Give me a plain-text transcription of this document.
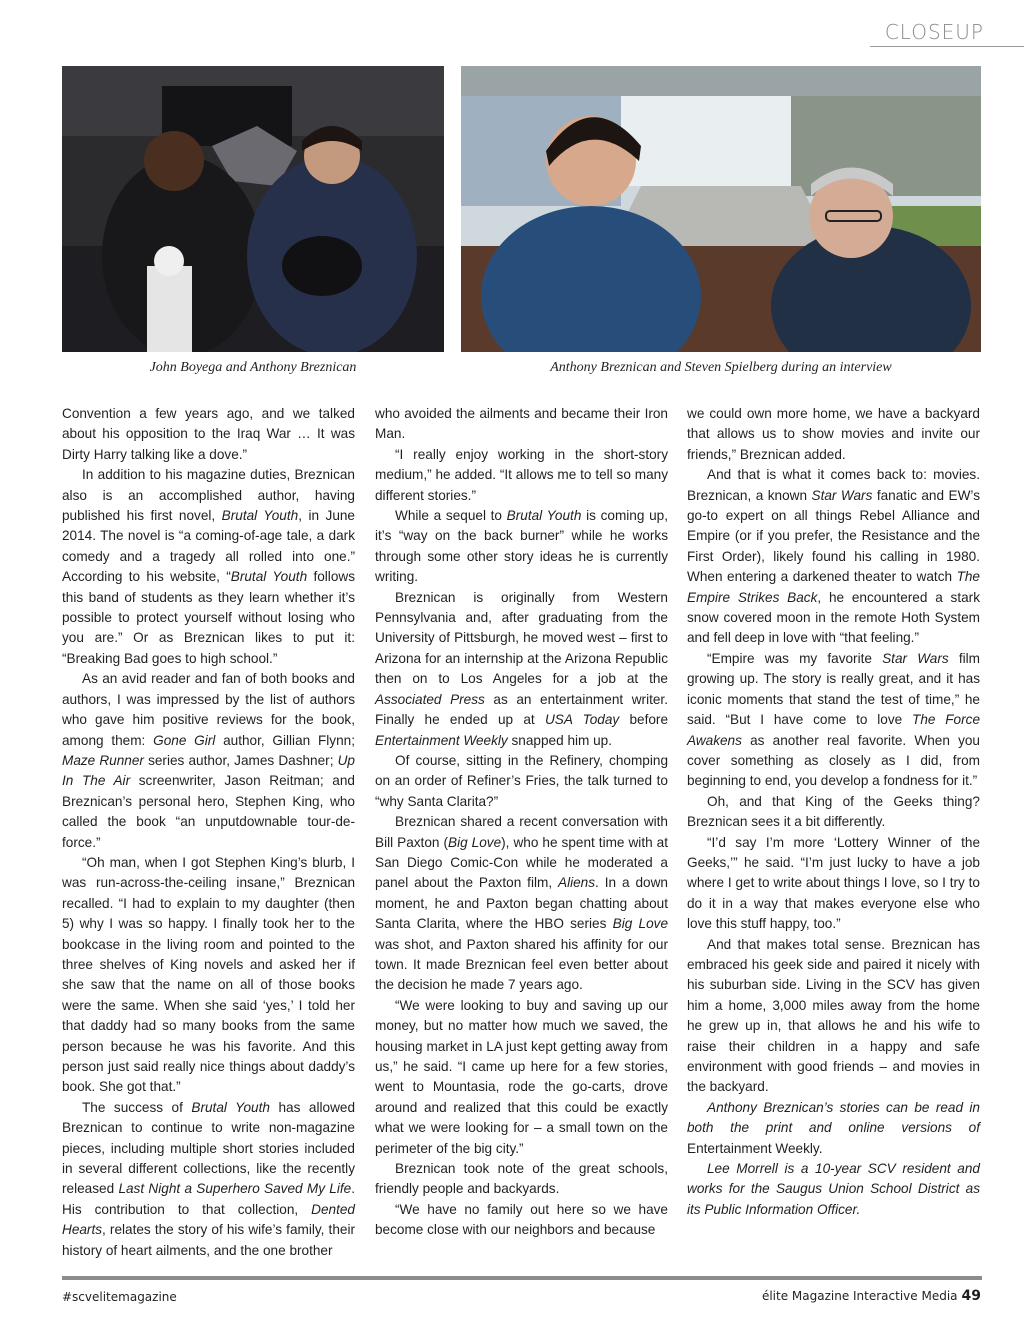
CLOSEUP
John Boyega and Anthony Breznican	Anthony Breznican and Steven Spielberg during an interview

Convention a few years ago, and we talked about his opposition to the Iraq War … It was Dirty Harry talking like a dove.”

In addition to his magazine duties, Breznican also is an accomplished author, having published his first novel, Brutal Youth, in June 2014. The novel is “a coming-of-age tale, a dark comedy and a tragedy all rolled into one.” According to his website, “Brutal Youth follows this band of students as they learn whether it’s possible to protect yourself without losing who you are.” Or as Breznican likes to put it: “Breaking Bad goes to high school.”

As an avid reader and fan of both books and authors, I was impressed by the list of authors who gave him positive reviews for the book, among them: Gone Girl author, Gillian Flynn; Maze Runner series author, James Dashner; Up In The Air screenwriter, Jason Reitman; and Breznican’s personal hero, Stephen King, who called the book “an unputdownable tour-de-force.”

“Oh man, when I got Stephen King’s blurb, I was run-across-the-ceiling insane,” Breznican recalled. “I had to explain to my daughter (then 5) why I was so happy. I finally took her to the bookcase in the living room and pointed to the three shelves of King novels and asked her if she saw that the name on all of those books were the same. When she said ‘yes,’ I told her that daddy had so many books from the same person because he was his favorite. And this person just said really nice things about daddy’s book. She got that.”

The success of Brutal Youth has allowed Breznican to continue to write non-magazine pieces, including multiple short stories included in several different collections, like the recently released Last Night a Superhero Saved My Life. His contribution to that collection, Dented Hearts, relates the story of his wife’s family, their history of heart ailments, and the one brother

who avoided the ailments and became their Iron Man.

“I really enjoy working in the short-story medium,” he added. “It allows me to tell so many different stories.”

While a sequel to Brutal Youth is coming up, it’s “way on the back burner” while he works through some other story ideas he is currently writing.

Breznican is originally from Western Pennsylvania and, after graduating from the University of Pittsburgh, he moved west – first to Arizona for an internship at the Arizona Republic then on to Los Angeles for a job at the Associated Press as an entertainment writer. Finally he ended up at USA Today before Entertainment Weekly snapped him up.

Of course, sitting in the Refinery, chomping on an order of Refiner’s Fries, the talk turned to “why Santa Clarita?”

Breznican shared a recent conversation with Bill Paxton (Big Love), who he spent time with at San Diego Comic-Con while he moderated a panel about the Paxton film, Aliens. In a down moment, he and Paxton began chatting about Santa Clarita, where the HBO series Big Love was shot, and Paxton shared his affinity for our town. It made Breznican feel even better about the decision he made 7 years ago.

“We were looking to buy and saving up our money, but no matter how much we saved, the housing market in LA just kept getting away from us,” he said. “I came up here for a few stories, went to Mountasia, rode the go-carts, drove around and realized that this could be exactly what we were looking for – a small town on the perimeter of the big city.”

Breznican took note of the great schools, friendly people and backyards.

“We have no family out here so we have become close with our neighbors and because

we could own more home, we have a backyard that allows us to show movies and invite our friends,” Breznican added.

And that is what it comes back to: movies. Breznican, a known Star Wars fanatic and EW’s go-to expert on all things Rebel Alliance and Empire (or if you prefer, the Resistance and the First Order), likely found his calling in 1980. When entering a darkened theater to watch The Empire Strikes Back, he encountered a stark snow covered moon in the remote Hoth System and fell deep in love with “that feeling.”

“Empire was my favorite Star Wars film growing up. The story is really great, and it has iconic moments that stand the test of time,” he said. “But I have come to love The Force Awakens as another real favorite. When you cover something as closely as I did, from beginning to end, you develop a fondness for it.”

Oh, and that King of the Geeks thing? Breznican sees it a bit differently.

“I’d say I’m more ‘Lottery Winner of the Geeks,’” he said. “I’m just lucky to have a job where I get to write about things I love, so I try to do it in a way that makes everyone else who love this stuff happy, too.”

And that makes total sense. Breznican has embraced his geek side and paired it nicely with his suburban side. Living in the SCV has given him a home, 3,000 miles away from the home he grew up in, that allows he and his wife to raise their children in a happy and safe environment with good friends – and movies in the backyard.

Anthony Breznican’s stories can be read in both the print and online versions of Entertainment Weekly.

Lee Morrell is a 10-year SCV resident and works for the Saugus Union School District as its Public Information Officer.

#scvelitemagazine	élite Magazine Interactive Media 49
